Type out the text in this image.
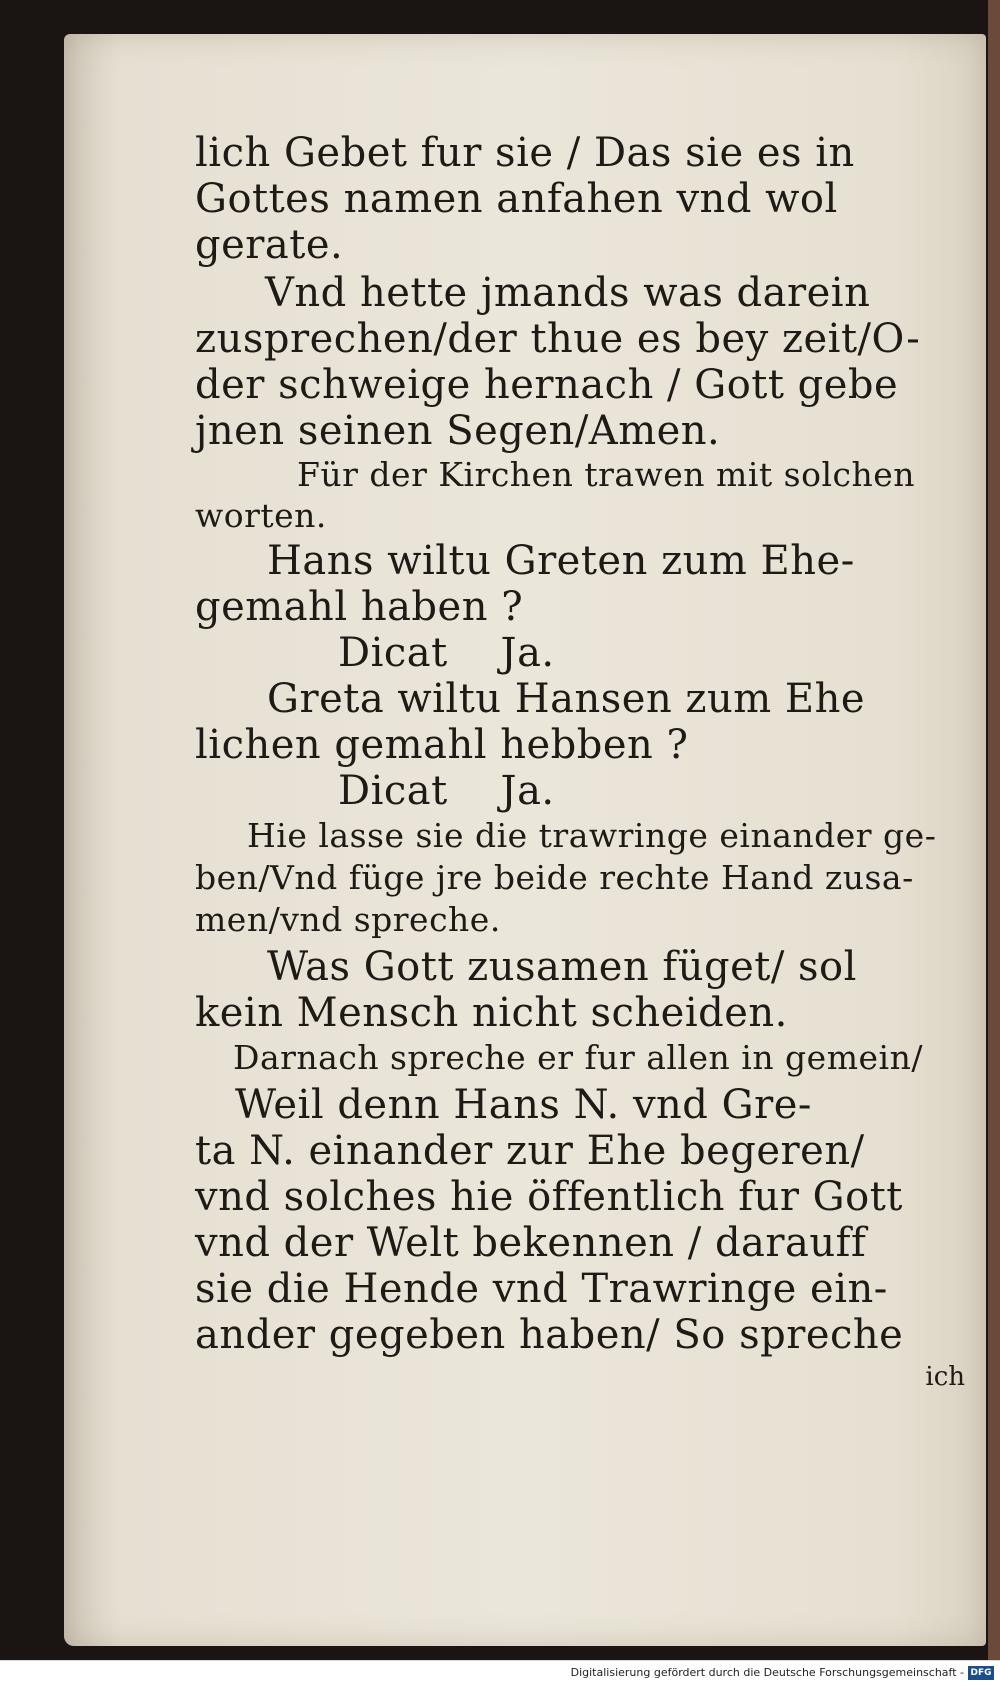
lich Gebet fur sie / Das sie es in
Gottes namen anfahen vnd wol
gerate.
Vnd hette jmands was darein
zusprechen/der thue es bey zeit/O-
der schweige hernach / Gott gebe
jnen seinen Segen/Amen.
Für der Kirchen trawen mit solchen
worten.
Hans wiltu Greten zum Ehe-
gemahl haben ?
Dicat    Ja.
Greta wiltu Hansen zum Ehe
lichen gemahl hebben ?
Dicat    Ja.
Hie lasse sie die trawringe einander ge-
ben/Vnd füge jre beide rechte Hand zusa-
men/vnd spreche.
Was Gott zusamen füget/ sol
kein Mensch nicht scheiden.
Darnach spreche er fur allen in gemein/
Weil denn Hans N. vnd Gre-
ta N. einander zur Ehe begeren/
vnd solches hie öffentlich fur Gott
vnd der Welt bekennen / darauff
sie die Hende vnd Trawringe ein-
ander gegeben haben/ So spreche
ich
Digitalisierung gefördert durch die Deutsche Forschungsgemeinschaft - DFG
